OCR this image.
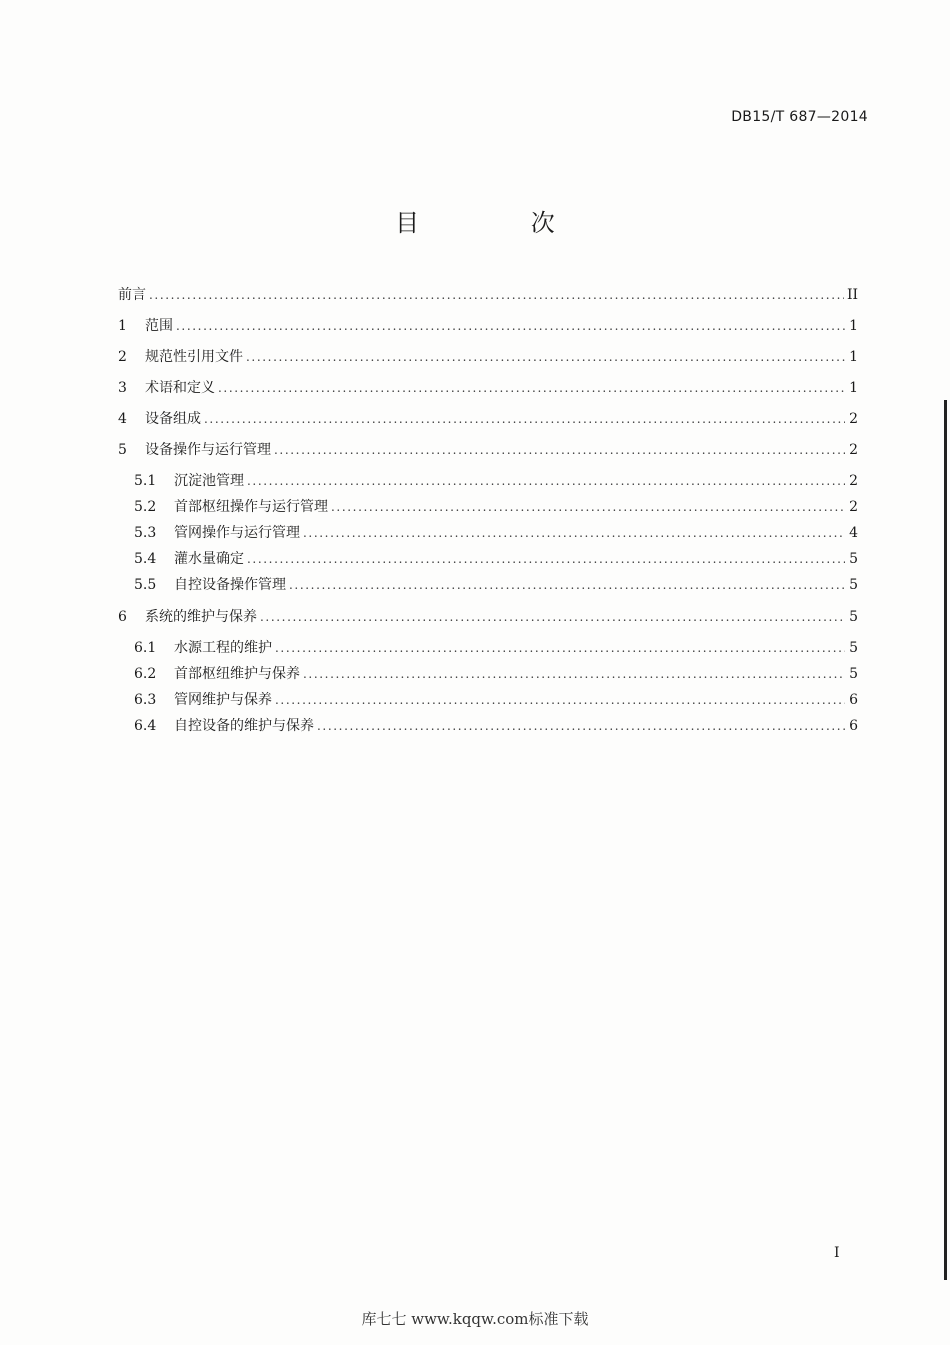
DB15/T 687—2014
目 次
前言 .....	II
1	范围 .....	1
2	规范性引用文件 .....	1
3	术语和定义 .....	1
4	设备组成 .....	2
5	设备操作与运行管理 .....	2
5.1	沉淀池管理 .....	2
5.2	首部枢纽操作与运行管理 .....	2
5.3	管网操作与运行管理 .....	4
5.4	灌水量确定 .....	5
5.5	自控设备操作管理 .....	5
6	系统的维护与保养 .....	5
6.1	水源工程的维护 .....	5
6.2	首部枢纽维护与保养 .....	5
6.3	管网维护与保养 .....	6
6.4	自控设备的维护与保养 .....	6
I
库七七 www.kqqw.com标准下载
